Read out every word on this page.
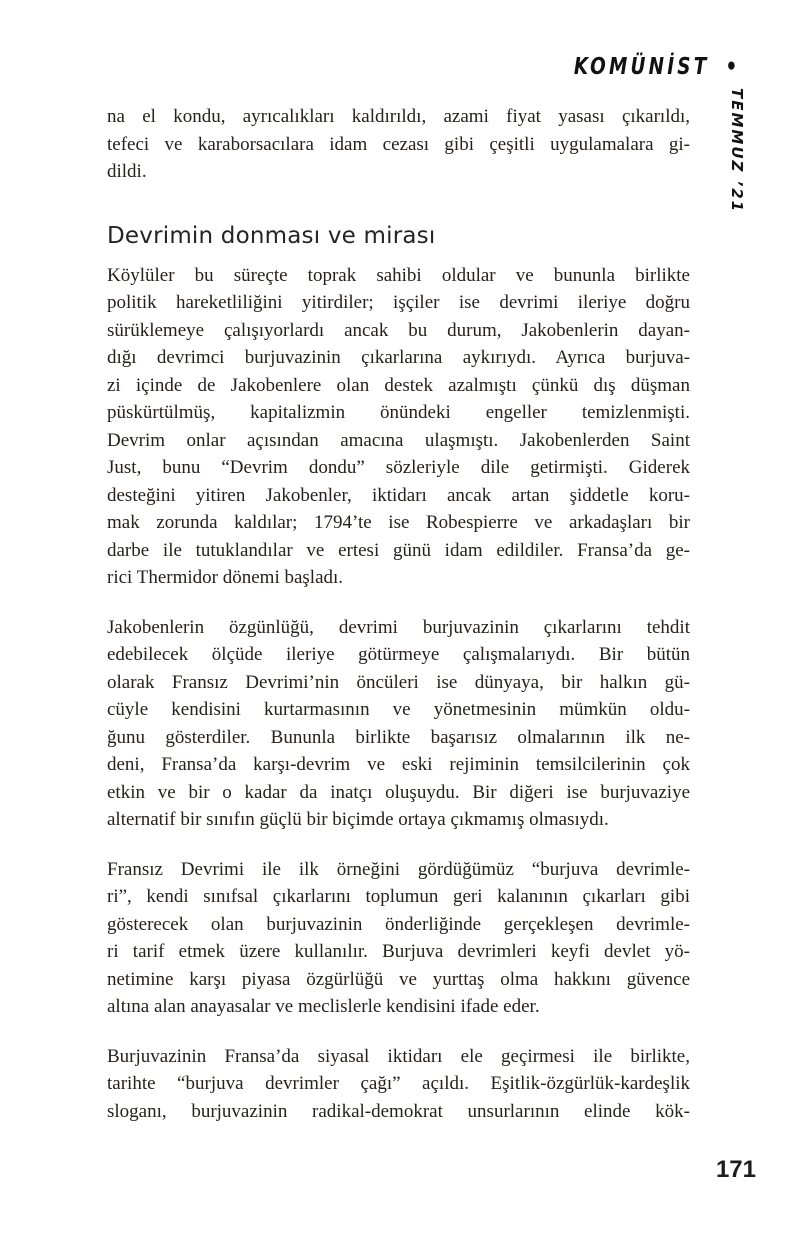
KOMÜNİST •
TEMMUZ ’21
na el kondu, ayrıcalıkları kaldırıldı, azami fiyat yasası çıkarıldı,
tefeci ve karaborsacılara idam cezası gibi çeşitli uygulamalara gi-
dildi.
Devrimin donması ve mirası
Köylüler bu süreçte toprak sahibi oldular ve bununla birlikte
politik hareketliliğini yitirdiler; işçiler ise devrimi ileriye doğru
sürüklemeye çalışıyorlardı ancak bu durum, Jakobenlerin dayan-
dığı devrimci burjuvazinin çıkarlarına aykırıydı. Ayrıca burjuva-
zi içinde de Jakobenlere olan destek azalmıştı çünkü dış düşman
püskürtülmüş, kapitalizmin önündeki engeller temizlenmişti.
Devrim onlar açısından amacına ulaşmıştı. Jakobenlerden Saint
Just, bunu “Devrim dondu” sözleriyle dile getirmişti. Giderek
desteğini yitiren Jakobenler, iktidarı ancak artan şiddetle koru-
mak zorunda kaldılar; 1794’te ise Robespierre ve arkadaşları bir
darbe ile tutuklandılar ve ertesi günü idam edildiler. Fransa’da ge-
rici Thermidor dönemi başladı.
Jakobenlerin özgünlüğü, devrimi burjuvazinin çıkarlarını tehdit
edebilecek ölçüde ileriye götürmeye çalışmalarıydı. Bir bütün
olarak Fransız Devrimi’nin öncüleri ise dünyaya, bir halkın gü-
cüyle kendisini kurtarmasının ve yönetmesinin mümkün oldu-
ğunu gösterdiler. Bununla birlikte başarısız olmalarının ilk ne-
deni, Fransa’da karşı-devrim ve eski rejiminin temsilcilerinin çok
etkin ve bir o kadar da inatçı oluşuydu. Bir diğeri ise burjuvaziye
alternatif bir sınıfın güçlü bir biçimde ortaya çıkmamış olmasıydı.
Fransız Devrimi ile ilk örneğini gördüğümüz “burjuva devrimle-
ri”, kendi sınıfsal çıkarlarını toplumun geri kalanının çıkarları gibi
gösterecek olan burjuvazinin önderliğinde gerçekleşen devrimle-
ri tarif etmek üzere kullanılır. Burjuva devrimleri keyfi devlet yö-
netimine karşı piyasa özgürlüğü ve yurttaş olma hakkını güvence
altına alan anayasalar ve meclislerle kendisini ifade eder.
Burjuvazinin Fransa’da siyasal iktidarı ele geçirmesi ile birlikte,
tarihte “burjuva devrimler çağı” açıldı. Eşitlik-özgürlük-kardeşlik
sloganı, burjuvazinin radikal-demokrat unsurlarının elinde kök-
171
